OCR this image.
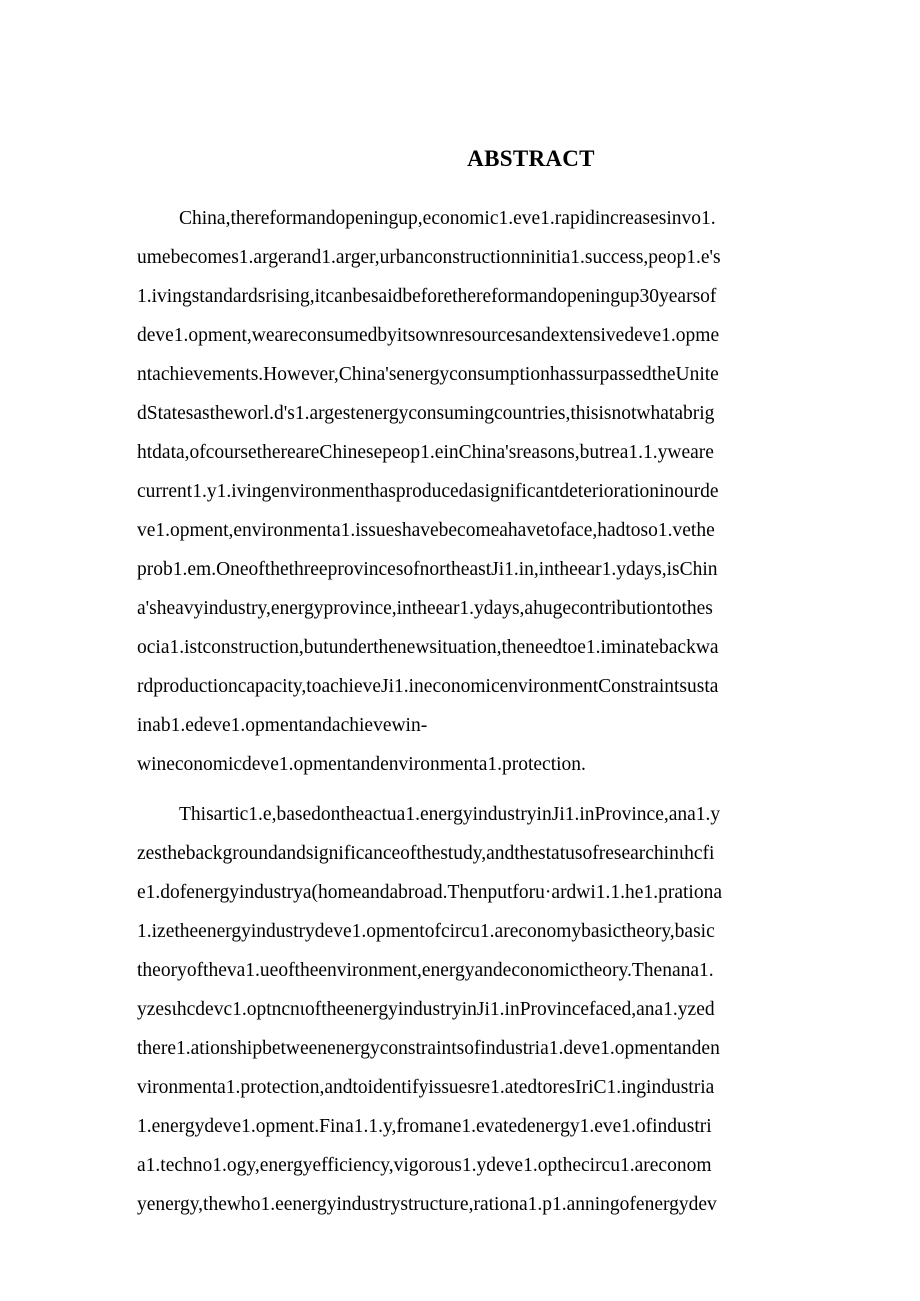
ABSTRACT
China,thereformandopeningup,economic1.eve1.rapidincreasesinvo1.
umebecomes1.argerand1.arger,urbanconstructionninitia1.success,peop1.e's
1.ivingstandardsrising,itcanbesaidbeforethereformandopeningup30yearsof
deve1.opment,weareconsumedbyitsownresourcesandextensivedeve1.opme
ntachievements.However,China'senergyconsumptionhassurpassedtheUnite
dStatesastheworl.d's1.argestenergyconsumingcountries,thisisnotwhatabrig
htdata,ofcoursethereareChinesepeop1.einChina'sreasons,butrea1.1.yweare
current1.y1.ivingenvironmenthasproducedasignificantdeteriorationinourde
ve1.opment,environmenta1.issueshavebecomeahavetoface,hadtoso1.vethe
prob1.em.OneofthethreeprovincesofnortheastJi1.in,intheear1.ydays,isChin
a'sheavyindustry,energyprovince,intheear1.ydays,ahugecontributiontothes
ocia1.istconstruction,butunderthenewsituation,theneedtoe1.iminatebackwa
rdproductioncapacity,toachieveJi1.ineconomicenvironmentConstraintsusta
inab1.edeve1.opmentandachievewin-
wineconomicdeve1.opmentandenvironmenta1.protection.
Thisartic1.e,basedontheactua1.energyindustryinJi1.inProvince,ana1.y
zesthebackgroundandsignificanceofthestudy,andthestatusofresearchinιhcfi
e1.dofenergyindustrya(homeandabroad.Thenputforu·ardwi1.1.he1.prationa
1.izetheenergyindustrydeve1.opmentofcircu1.areconomybasictheory,basic
theoryoftheva1.ueoftheenvironment,energyandeconomictheory.Thenana1.
yzesιhcdevc1.optncnιoftheenergyindustryinJi1.inProvincefaced,ana1.yzed
there1.ationshipbetweenenergyconstraintsofindustria1.deve1.opmentanden
vironmenta1.protection,andtoidentifyissuesre1.atedtoresIriC1.ingindustria
1.energydeve1.opment.Fina1.1.y,fromane1.evatedenergy1.eve1.ofindustri
a1.techno1.ogy,energyefficiency,vigorous1.ydeve1.opthecircu1.areconom
yenergy,thewho1.eenergyindustrystructure,rationa1.p1.anningofenergydev
